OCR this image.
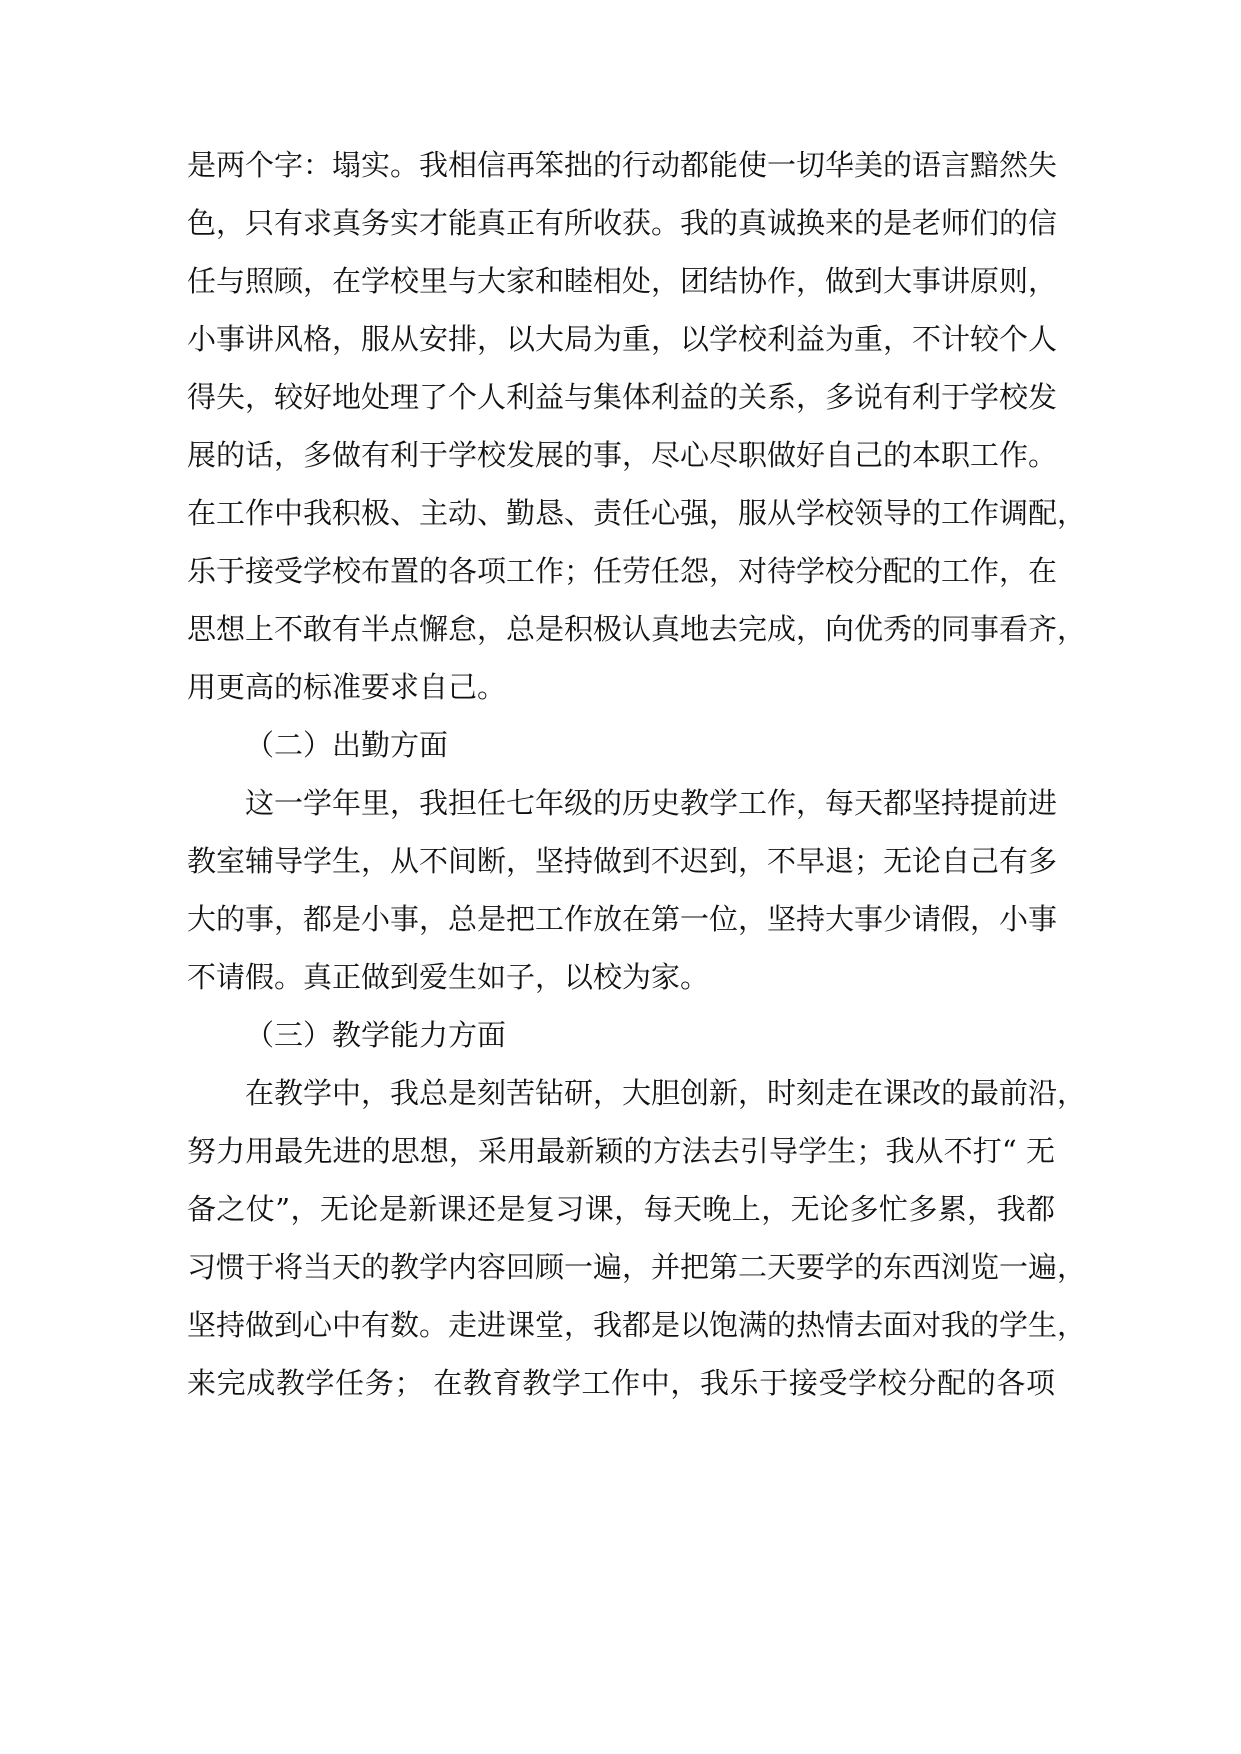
是两个字：塌实。我相信再笨拙的行动都能使一切华美的语言黯然失
色，只有求真务实才能真正有所收获。我的真诚换来的是老师们的信
任与照顾，在学校里与大家和睦相处，团结协作，做到大事讲原则，
小事讲风格，服从安排，以大局为重，以学校利益为重，不计较个人
得失，较好地处理了个人利益与集体利益的关系，多说有利于学校发
展的话，多做有利于学校发展的事，尽心尽职做好自己的本职工作。
在工作中我积极、主动、勤恳、责任心强，服从学校领导的工作调配，
乐于接受学校布置的各项工作；任劳任怨，对待学校分配的工作，在
思想上不敢有半点懈怠，总是积极认真地去完成，向优秀的同事看齐，
用更高的标准要求自己。
（二）出勤方面
这一学年里，我担任七年级的历史教学工作，每天都坚持提前进
教室辅导学生，从不间断，坚持做到不迟到，不早退；无论自己有多
大的事，都是小事，总是把工作放在第一位，坚持大事少请假，小事
不请假。真正做到爱生如子，以校为家。
（三）教学能力方面
在教学中，我总是刻苦钻研，大胆创新，时刻走在课改的最前沿，
努力用最先进的思想，采用最新颖的方法去引导学生；我从不打“ 无
备之仗”，无论是新课还是复习课，每天晚上，无论多忙多累，我都
习惯于将当天的教学内容回顾一遍，并把第二天要学的东西浏览一遍，
坚持做到心中有数。走进课堂，我都是以饱满的热情去面对我的学生，
来完成教学任务； 在教育教学工作中，我乐于接受学校分配的各项
